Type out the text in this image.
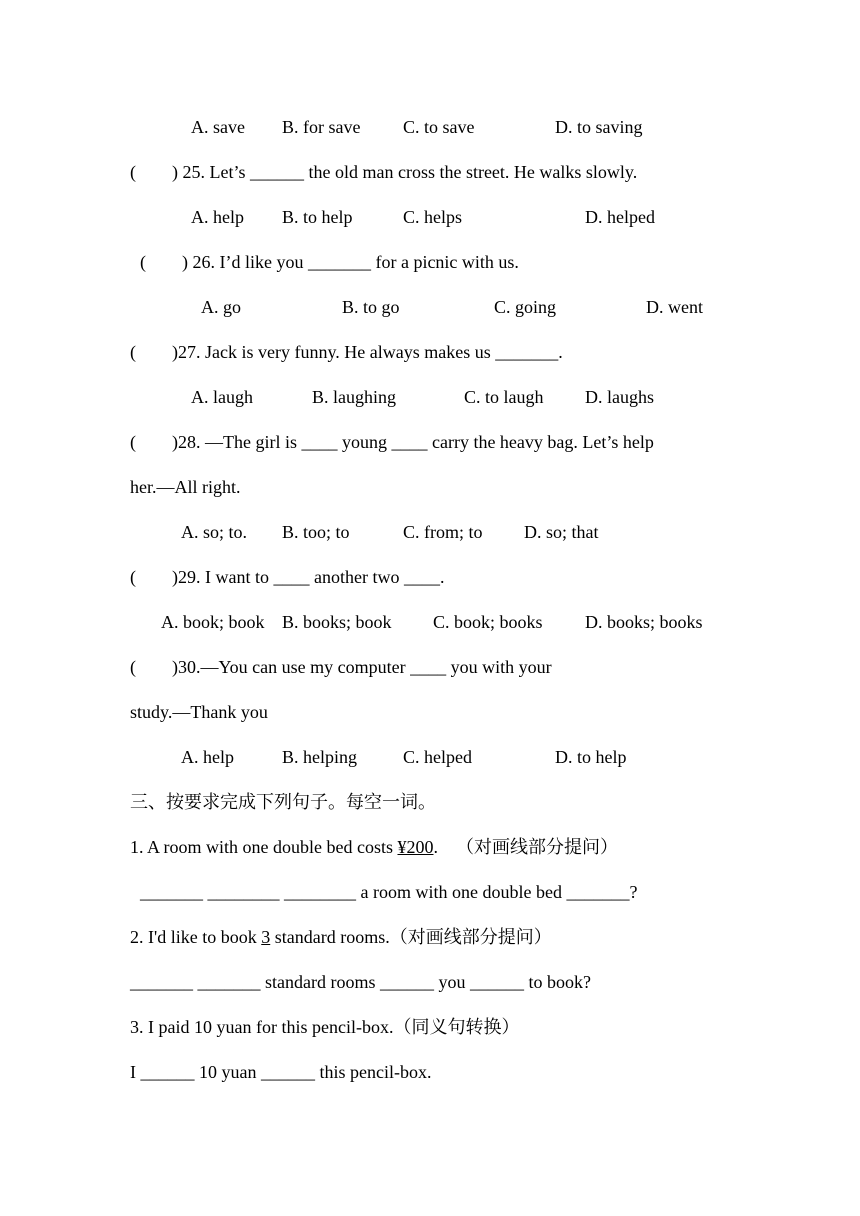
A. save

B. for save

C. to save

	D. to saving

(        ) 25. Let’s ______ the old man cross the street. He walks slowly.

A. help

B. to help

	C. helps

	D. helped

(        ) 26. I’d like you _______ for a picnic with us.

A. go

	B. to go

	C. going

	D. went

(        )27. Jack is very funny. He always makes us _______.

A. laugh

	B. laughing

	C. to laugh

D. laughs

(        )28. —The girl is ____ young ____ carry the heavy bag. Let’s help
her.—All right.

A. so; to.

B. too; to

	C. from; to

D. so; that

(        )29. I want to ____ another two ____.

A. book; book

B. books; book

C. book; books

D. books; books

(        )30.—You can use my computer ____ you with your
study.—Thank you

A. help

	B. helping

	C. helped

	D. to help

三、按要求完成下列句子。每空一词。
1. A room with one double bed costs ¥200.    （对画线部分提问）
_______ ________ ________ a room with one double bed _______?
2. I'd like to book 3 standard rooms.（对画线部分提问）
_______ _______ standard rooms ______ you ______ to book?
3. I paid 10 yuan for this pencil-box.（同义句转换）
I ______ 10 yuan ______ this pencil-box.
